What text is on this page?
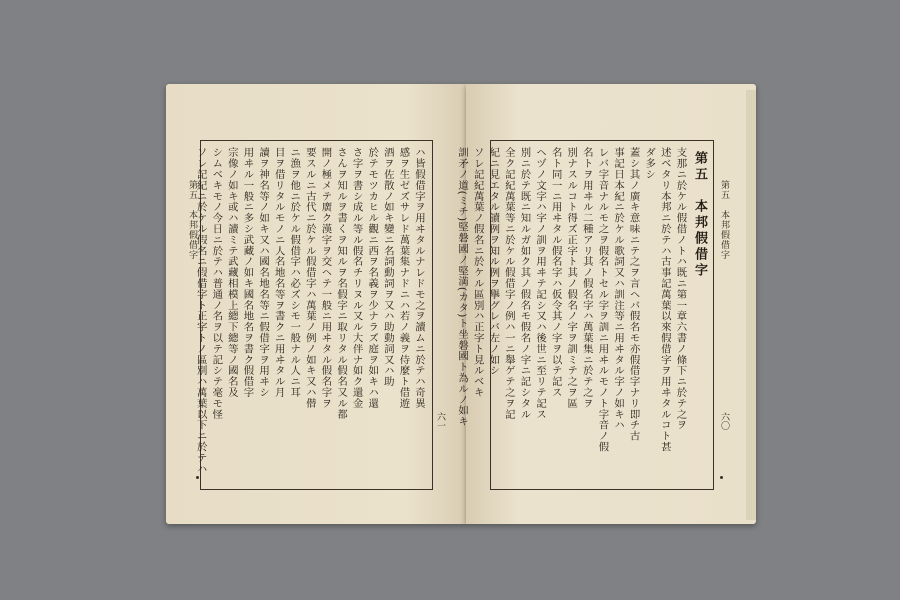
第五　本邦假借字	ハ皆假借字ヲ用ヰタルナレドモ之ヲ讀ムニ於テハ奇異

感ヲ生ゼズサレド萬葉集ナドニハ若ノ義ヲ侍麼ト借遊

酒ヲ佐散ノ如キ變ニ名詞動詞ヲ又ハ助動詞又ハ助

於テモツカヒル觀ニ西ヲ名義ヲ少ナラズ庭ヲ如キハ還

さ字ヲ書シ成ル等ル假名チリヌル又ル大伴ナ如ク還金

さんヲ知ルヲ書くヲ知ルヲ名假字ニ取リタル假名又ル都

開ノ極メテ廣ク漢字ヲ交ヘテ一般ニ用ヰタル假名字ヲ

要スルニ古代ニ於ケル假借字ハ萬葉ノ例ノ如キ又ハ僣

ニ漁ヲ他ニ於ケル假借字ハ必ズシモ一般ナル人ニ耳

目ヲ借リタルモノニ人名地名等ヲ書クニ用ヰタル月

讀ヲ神名等ノ如キ又ハ國名地名等ニ假借字ヲ用ヰシ

用ヰル一般ニ多シ武藏ノ如キ國名地名ヲ書ク假借字

宗像ノ如キ或ハ讀ミテ武藏相模上總下總等ノ國名及

シムベキモノ今日ニ於テハ普通ノ名ヲ以テ記シテ毫モ怪

ソレ記紀ニ於ケル假名ニ假借字ト正字トノ區別ハ萬葉以下ニ於テハ	六一
第五　本邦假借字

第五　本邦假借字

支那ニ於ケル假借ノトハ既ニ第一章六書ノ條下ニ於テ之ヲ

述ベタリ本邦ニ於テハ古事記萬葉以來假借字ヲ用ヰタルコト甚

ダ多シ

蓋シ其ノ廣キ意味ニテ之ヲ言ヘバ假名モ亦假借字ナリ即チ古

事記日本紀ニ於ケル歌詞又ハ訓注等ニ用ヰタル字ノ如キハ

レバ字音ナルモ之ヲ假名トセル字ヲ訓ニ用ヰルモノト字音ノ假

名トヲ用ヰル二種アリ其ノ假名字ハ萬葉集ニ於テ之ヲ

別ナスルコト得ズ正字ト其ノ假名ノ字ヲ訓ミテ之ヲ區

名ト同一ニ用ヰタル假名字ハ仮令其ノ字ヲ以テ記ス

ヘヅノ文字ハ字ノ訓ヲ用ヰテ記シ又ハ後世ニ至リテ記ス

別ニ於テ既ニ知ルガ如ク其ノ假名モ假名ノ字ニ記シタル

全ク記紀萬葉等ニ於ケル假借字ノ例ハ一ニ舉ゲテ之ヲ記

紀ニ見エタル讀例ヲ知ル例ヲ擧グレバ左ノ如シ

ソレ記紀萬葉ノ假名ニ於ケル區別ハ正字ト見ルベキ

訓矛ノ道(ミチ)堅磐國ノ堅満(カタ)ト坐磐國ト為ルノ如キ	六〇
